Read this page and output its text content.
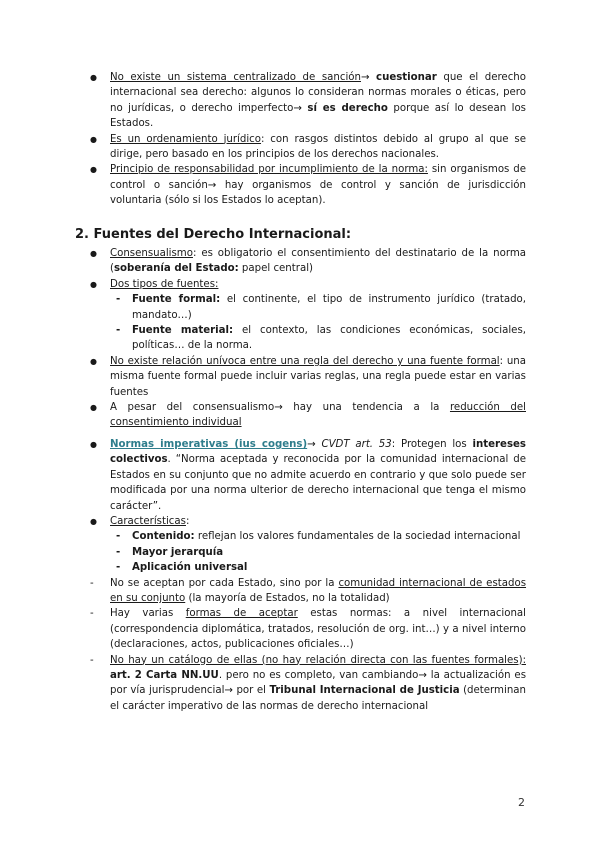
●	No existe un sistema centralizado de sanción→ cuestionar que el derecho internacional sea derecho: algunos lo consideran normas morales o éticas, pero no jurídicas, o derecho imperfecto→ sí es derecho porque así lo desean los Estados.
●	Es un ordenamiento jurídico: con rasgos distintos debido al grupo al que se dirige, pero basado en los principios de los derechos nacionales.
●	Principio de responsabilidad por incumplimiento de la norma: sin organismos de control o sanción→ hay organismos de control y sanción de jurisdicción voluntaria (sólo si los Estados lo aceptan).
2. Fuentes del Derecho Internacional:
●	Consensualismo: es obligatorio el consentimiento del destinatario de la norma (soberanía del Estado: papel central)
●	Dos tipos de fuentes:
-	Fuente formal: el continente, el tipo de instrumento jurídico (tratado, mandato…)
-	Fuente material: el contexto, las condiciones económicas, sociales, políticas… de la norma.
●	No existe relación unívoca entre una regla del derecho y una fuente formal: una misma fuente formal puede incluir varias reglas, una regla puede estar en varias fuentes
●	A pesar del consensualismo→ hay una tendencia a la reducción del consentimiento individual
●	Normas imperativas (ius cogens)→ CVDT art. 53: Protegen los intereses colectivos. “Norma aceptada y reconocida por la comunidad internacional de Estados en su conjunto que no admite acuerdo en contrario y que solo puede ser modificada por una norma ulterior de derecho internacional que tenga el mismo carácter”.
●	Características:
-	Contenido: reflejan los valores fundamentales de la sociedad internacional
-	Mayor jerarquía
-	Aplicación universal
-	No se aceptan por cada Estado, sino por la comunidad internacional de estados en su conjunto (la mayoría de Estados, no la totalidad)
-	Hay varias formas de aceptar estas normas: a nivel internacional (correspondencia diplomática, tratados, resolución de org. int…) y a nivel interno (declaraciones, actos, publicaciones oficiales…)
-	No hay un catálogo de ellas (no hay relación directa con las fuentes formales): art. 2 Carta NN.UU. pero no es completo, van cambiando→ la actualización es por vía jurisprudencial→ por el Tribunal Internacional de Justicia (determinan el carácter imperativo de las normas de derecho internacional
2
